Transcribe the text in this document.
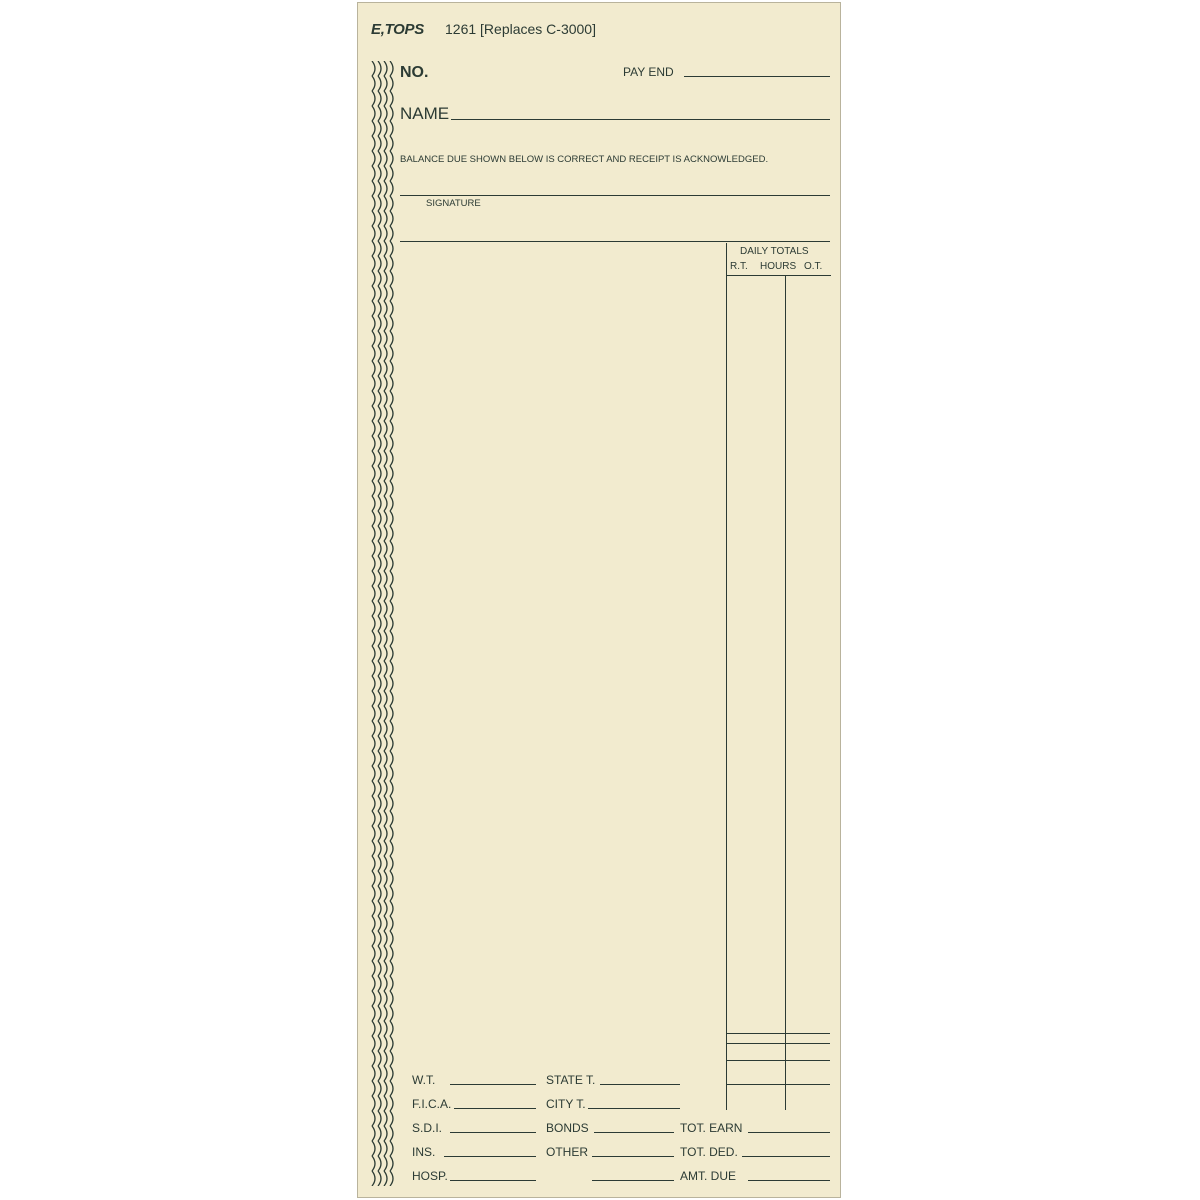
E,TOPS 1261 [Replaces C-3000]
NO.	PAY END
NAME
BALANCE DUE SHOWN BELOW IS CORRECT AND RECEIPT IS ACKNOWLEDGED.
SIGNATURE
DAILY TOTALS
R.T. HOURS O.T.
W.T.
F.I.C.A.
S.D.I.
INS.
HOSP.
STATE T.
CITY T.
BONDS
OTHER
TOT. EARN
TOT. DED.
AMT. DUE
